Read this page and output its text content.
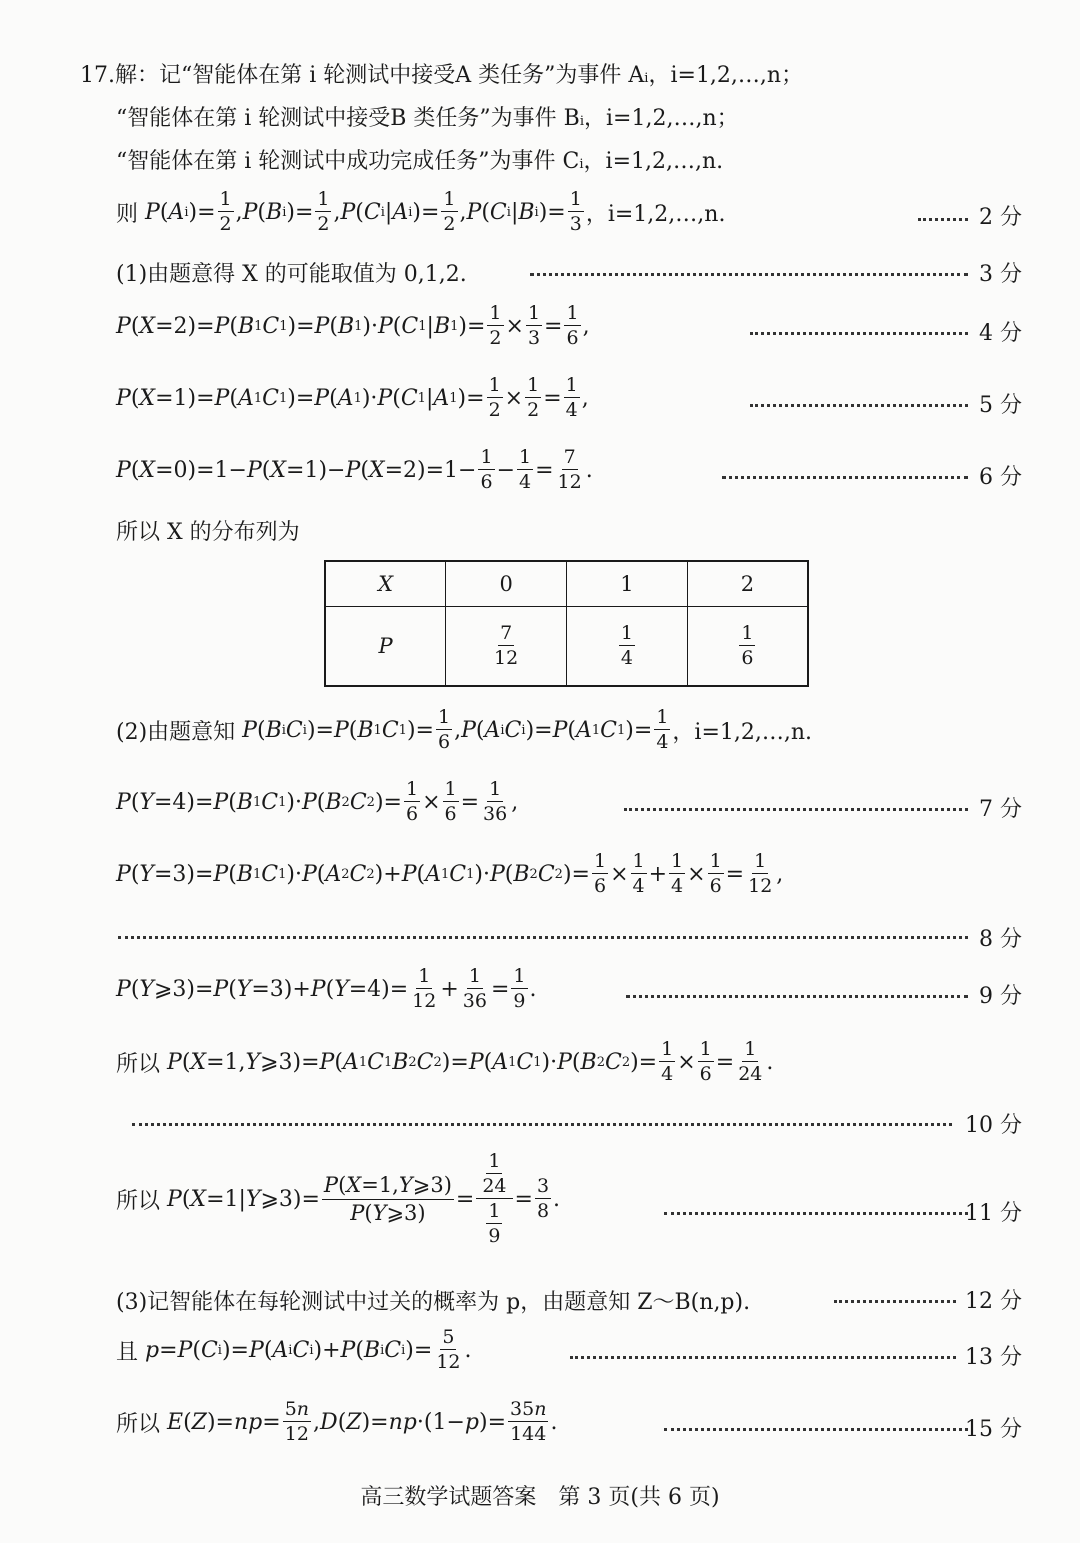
17. 解：记 “智能体在第 i 轮测试中接受A 类任务”为事件 $A_i$ ，i=1,2,…,n；
“智能体在第 i 轮测试中接受B 类任务”为事件 $B_i$ ，i=1,2,…,n；
“智能体在第 i 轮测试中成功完成任务”为事件 $C_i$ ，i=1,2,…,n.
则
P ( A i )= $\frac{1}{2}$ , P ( B i )= $\frac{1}{2}$ , P ( C i | A i )= $\frac{1}{2}$ , P ( C i | B i )= $\frac{1}{3}$ ，i=1,2,…,n.	2 分
(1)由题意得 X 的可能取值为 0,1,2.	3 分
P ( X =2)= P ( B 1 C 1 )= P ( B 1 )· P ( C 1 | B 1 )= $\frac{1}{2} \times \frac{1}{3} = \frac{1}{6}$ ,	4 分
P ( X =1)= P ( A 1 C 1 )= P ( A 1 )· P ( C 1 | A 1 )= $\frac{1}{2} \times \frac{1}{2} = \frac{1}{4}$ ,	5 分
P ( X =0)=1− P ( X =1)− P ( $X =2)=1- \frac{1}{6} - \frac{1}{4} = \frac{7}{12}$ .	6 分
所以 X 的分布列为
X	0	1	2
P	$\frac{7}{12}$	$\frac{1}{4}$	$\frac{1}{6}$
(2)由题意知
P ( B i C i )= P ( B 1 C 1 )= $\frac{1}{6}$ , P ( A i C i )= P ( A 1 C 1 )= $\frac{1}{4}$ ，i=1,2,…,n.
P ( Y =4)= P ( B 1 C 1 )· P ( B 2 C 2 )= $\frac{1}{6} \times \frac{1}{6} = \frac{1}{36}$ ,	7 分
P ( Y =3)= P ( B 1 C 1 )· P ( A 2 C 2 )+ P ( A 1 C 1 )· P ( B 2 C 2 )= $\frac{1}{6} \times \frac{1}{4} + \frac{1}{4} \times \frac{1}{6} = \frac{1}{12}$ ,
8 分
P ( Y ⩾3)= P ( Y =3)+ P ( $Y =4)= \frac{1}{12} + \frac{1}{36} = \frac{1}{9}$ .	9 分
所以
P ( X =1, Y ⩾3)= P ( A 1 C 1 B 2 C 2 )= P ( A 1 C 1 )· P ( B 2 C 2 )= $\frac{1}{4} \times \frac{1}{6} = \frac{1}{24}$ .
10 分
所以
P ( X =1| Y ⩾3)= $\frac{P(X=1,Y⩾3)}{P(Y⩾3)} = \frac{\frac{1}{24}}{\frac{1}{9}} = \frac{3}{8}$ .
11 分
(3)记智能体在每轮测试中过关的概率为 p，由题意知 Z～B(n,p).	12 分
且
p = P ( C i )= P ( A i C i )+ P ( B i C i )= $\frac{5}{12}$ .	13 分
所以
E ( Z )= np = $\frac{5n}{12}$ , D ( Z )= np ·(1− p )= $\frac{35n}{144}$ .	15 分
高三数学试题答案　第 3 页(共 6 页)
